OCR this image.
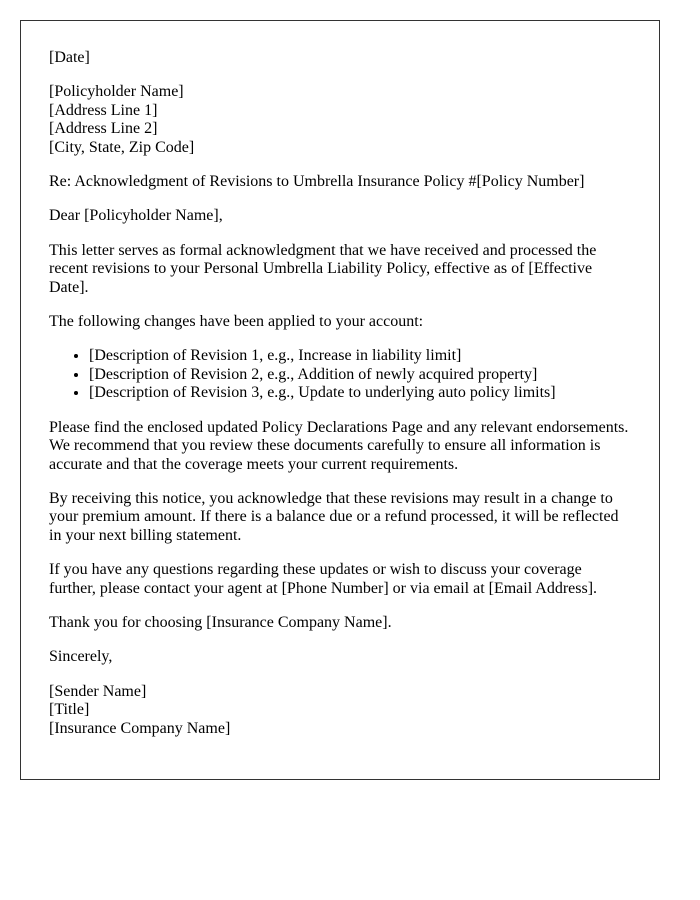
[Date]

[Policyholder Name]
[Address Line 1]
[Address Line 2]
[City, State, Zip Code]

Re: Acknowledgment of Revisions to Umbrella Insurance Policy #[Policy Number]

Dear [Policyholder Name],

This letter serves as formal acknowledgment that we have received and processed the recent revisions to your Personal Umbrella Liability Policy, effective as of [Effective Date].

The following changes have been applied to your account:

• [Description of Revision 1, e.g., Increase in liability limit]
• [Description of Revision 2, e.g., Addition of newly acquired property]
• [Description of Revision 3, e.g., Update to underlying auto policy limits]

Please find the enclosed updated Policy Declarations Page and any relevant endorsements. We recommend that you review these documents carefully to ensure all information is accurate and that the coverage meets your current requirements.

By receiving this notice, you acknowledge that these revisions may result in a change to your premium amount. If there is a balance due or a refund processed, it will be reflected in your next billing statement.

If you have any questions regarding these updates or wish to discuss your coverage further, please contact your agent at [Phone Number] or via email at [Email Address].

Thank you for choosing [Insurance Company Name].

Sincerely,

[Sender Name]
[Title]
[Insurance Company Name]
